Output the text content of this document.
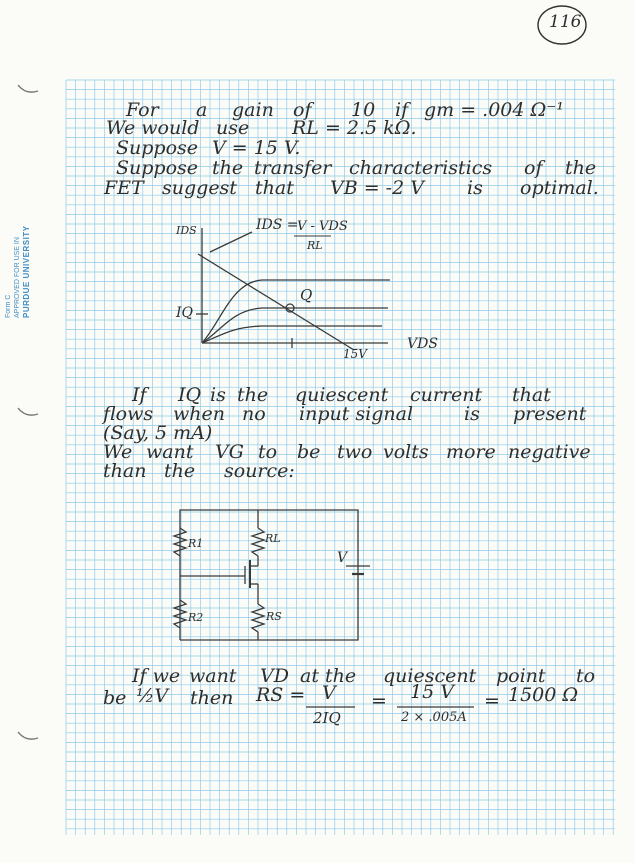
Form C APPROVED FOR USE IN PURDUE UNIVERSITY
116
For a gain of 10 if gm = .004 Ω⁻¹
We would use RL = 2.5 kΩ.
Suppose V = 15 V.
Suppose the transfer characteristics of the
FET suggest that VB = -2 V is optimal.
IDS	IDS =
V - VDS
RL
IQ
Q
VDS
15V
If IQ is the quiescent current that
flows when no input signal	is present
(Say, 5 mA)
We want VG to be two volts more negative
than the source:
R1	RL
R2	RS
V
If we want VD at the quiescent point to
be ½V then RS = V
2IQ
= 15 V
2 × .005A
= 1500 Ω
